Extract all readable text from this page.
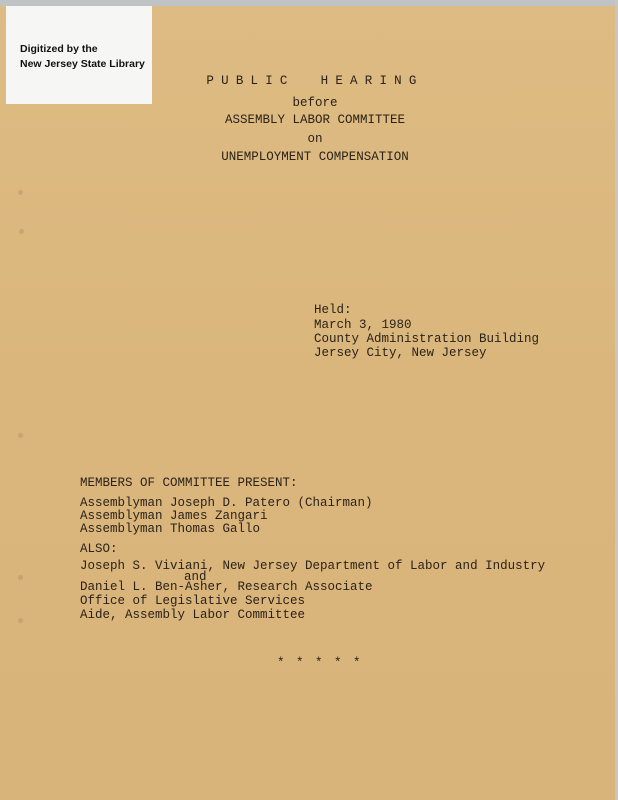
Digitized by the
New Jersey State Library
PUBLIC HEARING
before
ASSEMBLY LABOR COMMITTEE
on
UNEMPLOYMENT COMPENSATION
Held:
March 3, 1980
County Administration Building
Jersey City, New Jersey
MEMBERS OF COMMITTEE PRESENT:
Assemblyman Joseph D. Patero (Chairman)
Assemblyman James Zangari
Assemblyman Thomas Gallo
ALSO:
Joseph S. Viviani, New Jersey Department of Labor and Industry
and
Daniel L. Ben-Asher, Research Associate
Office of Legislative Services
Aide, Assembly Labor Committee
* * * * *
